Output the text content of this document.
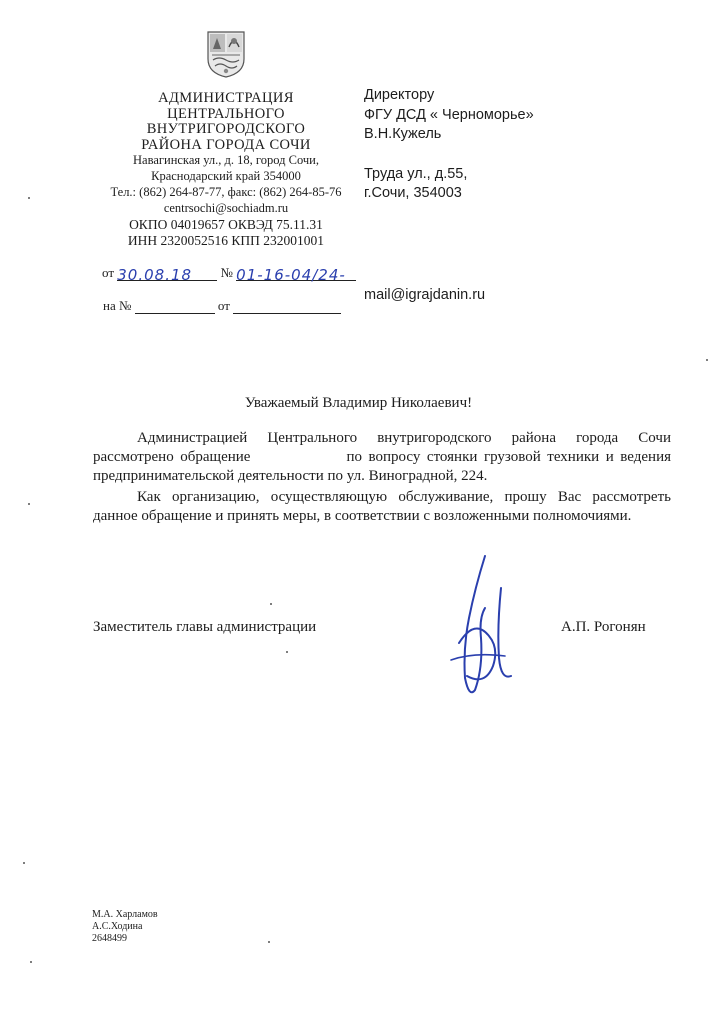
АДМИНИСТРАЦИЯ
ЦЕНТРАЛЬНОГО
ВНУТРИГОРОДСКОГО
РАЙОНА ГОРОДА СОЧИ
Навагинская ул., д. 18, город Сочи,
Краснодарский край 354000
Тел.: (862) 264-87-77, факс: (862) 264-85-76
centrsochi@sochiadm.ru
ОКПО 04019657 ОКВЭД 75.11.31
ИНН 2320052516 КПП 232001001
от 30.08.18 № 01-16-04/24-
на №	от
Директору
ФГУ ДСД « Черноморье»
В.Н.Кужель
Труда ул., д.55,
г.Сочи, 354003
mail@igrajdanin.ru
Уважаемый Владимир Николаевич!

Администрацией Центрального внутригородского района города Сочи рассмотрено обращение	по вопросу стоянки грузовой техники и ведения предпринимательской деятельности по ул. Виноградной, 224.

Как организацию, осуществляющую обслуживание, прошу Вас рассмотреть данное обращение и принять меры, в соответствии с возложенными полномочиями.

Заместитель главы администрации	А.П. Рогонян
М.А. Харламов
А.С.Ходина
2648499
